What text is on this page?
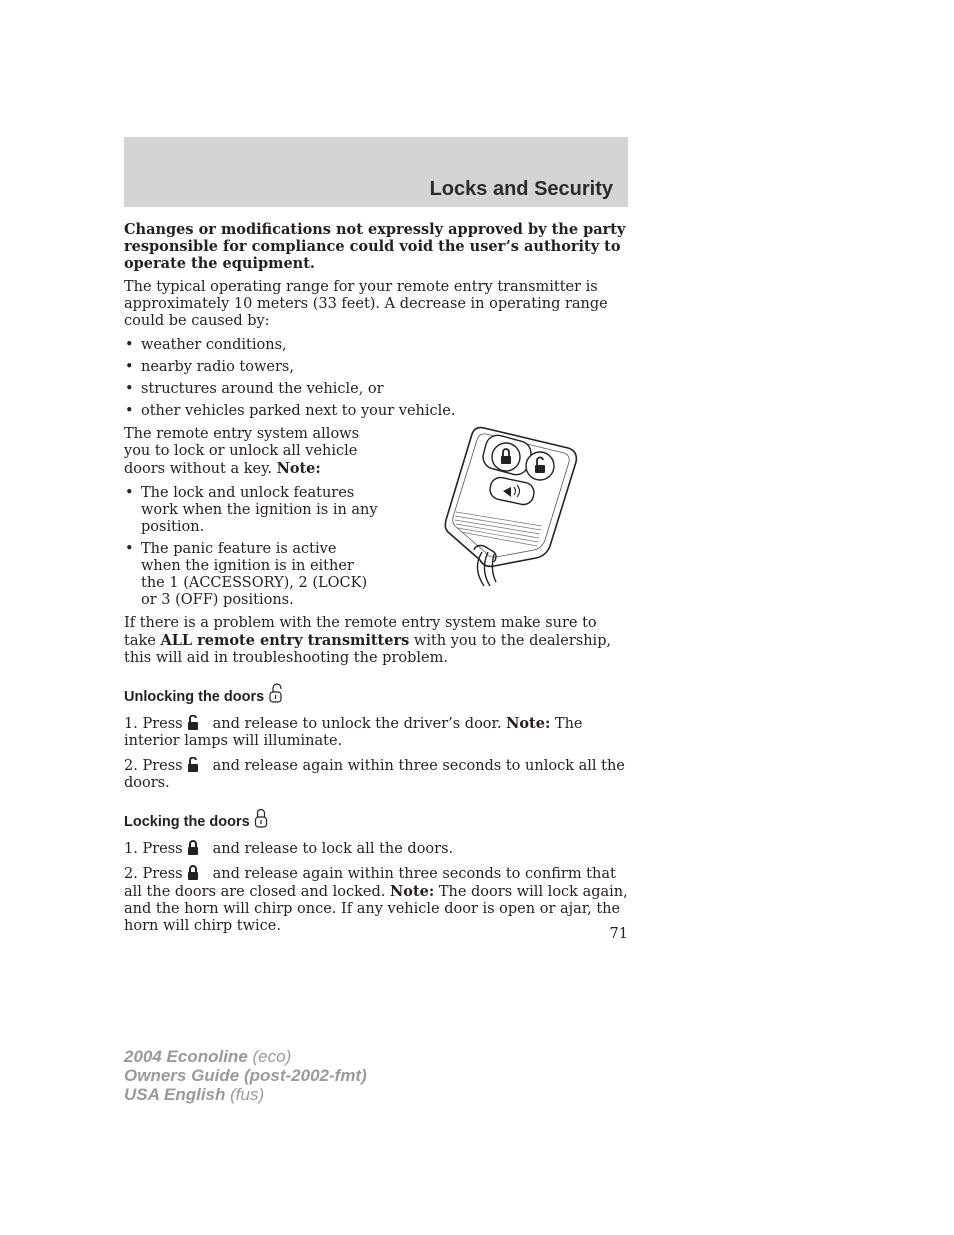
Locks and Security

Changes or modifications not expressly approved by the party responsible for compliance could void the user’s authority to operate the equipment.

The typical operating range for your remote entry transmitter is approximately 10 meters (33 feet). A decrease in operating range could be caused by:

• weather conditions,
• nearby radio towers,
• structures around the vehicle, or
• other vehicles parked next to your vehicle.

The remote entry system allows you to lock or unlock all vehicle doors without a key. Note:

• The lock and unlock features work when the ignition is in any position.
• The panic feature is active when the ignition is in either the 1 (ACCESSORY), 2 (LOCK) or 3 (OFF) positions.

If there is a problem with the remote entry system make sure to take ALL remote entry transmitters with you to the dealership, this will aid in troubleshooting the problem.

Unlocking the doors

1. Press and release to unlock the driver’s door. Note: The interior lamps will illuminate.

2. Press and release again within three seconds to unlock all the doors.

Locking the doors

1. Press and release to lock all the doors.

2. Press and release again within three seconds to confirm that all the doors are closed and locked. Note: The doors will lock again, and the horn will chirp once. If any vehicle door is open or ajar, the horn will chirp twice.	71
2004 Econoline (eco)
Owners Guide (post-2002-fmt)
USA English (fus)
